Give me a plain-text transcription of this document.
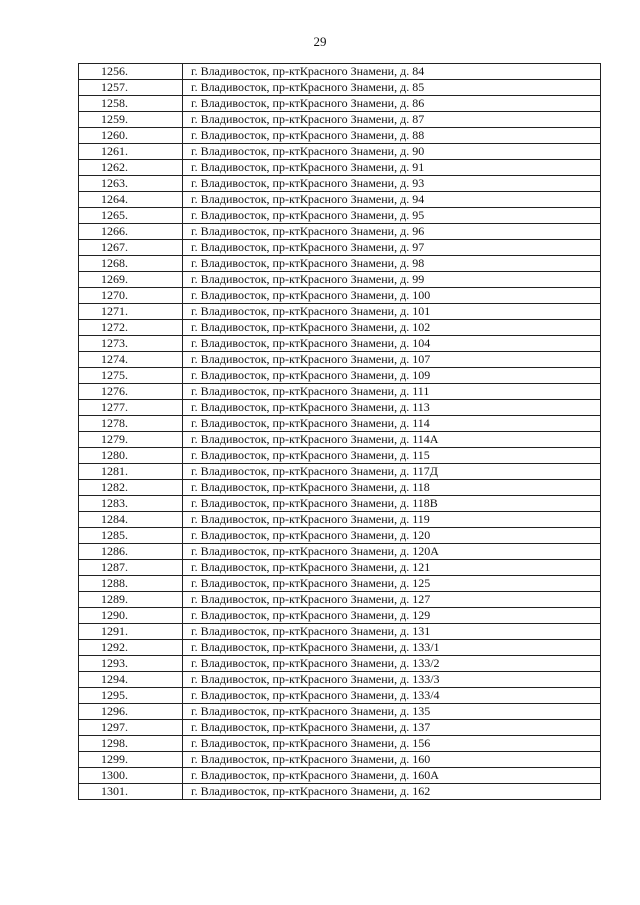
29
1256.	г. Владивосток, пр-ктКрасного Знамени, д. 84
1257.	г. Владивосток, пр-ктКрасного Знамени, д. 85
1258.	г. Владивосток, пр-ктКрасного Знамени, д. 86
1259.	г. Владивосток, пр-ктКрасного Знамени, д. 87
1260.	г. Владивосток, пр-ктКрасного Знамени, д. 88
1261.	г. Владивосток, пр-ктКрасного Знамени, д. 90
1262.	г. Владивосток, пр-ктКрасного Знамени, д. 91
1263.	г. Владивосток, пр-ктКрасного Знамени, д. 93
1264.	г. Владивосток, пр-ктКрасного Знамени, д. 94
1265.	г. Владивосток, пр-ктКрасного Знамени, д. 95
1266.	г. Владивосток, пр-ктКрасного Знамени, д. 96
1267.	г. Владивосток, пр-ктКрасного Знамени, д. 97
1268.	г. Владивосток, пр-ктКрасного Знамени, д. 98
1269.	г. Владивосток, пр-ктКрасного Знамени, д. 99
1270.	г. Владивосток, пр-ктКрасного Знамени, д. 100
1271.	г. Владивосток, пр-ктКрасного Знамени, д. 101
1272.	г. Владивосток, пр-ктКрасного Знамени, д. 102
1273.	г. Владивосток, пр-ктКрасного Знамени, д. 104
1274.	г. Владивосток, пр-ктКрасного Знамени, д. 107
1275.	г. Владивосток, пр-ктКрасного Знамени, д. 109
1276.	г. Владивосток, пр-ктКрасного Знамени, д. 111
1277.	г. Владивосток, пр-ктКрасного Знамени, д. 113
1278.	г. Владивосток, пр-ктКрасного Знамени, д. 114
1279.	г. Владивосток, пр-ктКрасного Знамени, д. 114А
1280.	г. Владивосток, пр-ктКрасного Знамени, д. 115
1281.	г. Владивосток, пр-ктКрасного Знамени, д. 117Д
1282.	г. Владивосток, пр-ктКрасного Знамени, д. 118
1283.	г. Владивосток, пр-ктКрасного Знамени, д. 118В
1284.	г. Владивосток, пр-ктКрасного Знамени, д. 119
1285.	г. Владивосток, пр-ктКрасного Знамени, д. 120
1286.	г. Владивосток, пр-ктКрасного Знамени, д. 120А
1287.	г. Владивосток, пр-ктКрасного Знамени, д. 121
1288.	г. Владивосток, пр-ктКрасного Знамени, д. 125
1289.	г. Владивосток, пр-ктКрасного Знамени, д. 127
1290.	г. Владивосток, пр-ктКрасного Знамени, д. 129
1291.	г. Владивосток, пр-ктКрасного Знамени, д. 131
1292.	г. Владивосток, пр-ктКрасного Знамени, д. 133/1
1293.	г. Владивосток, пр-ктКрасного Знамени, д. 133/2
1294.	г. Владивосток, пр-ктКрасного Знамени, д. 133/3
1295.	г. Владивосток, пр-ктКрасного Знамени, д. 133/4
1296.	г. Владивосток, пр-ктКрасного Знамени, д. 135
1297.	г. Владивосток, пр-ктКрасного Знамени, д. 137
1298.	г. Владивосток, пр-ктКрасного Знамени, д. 156
1299.	г. Владивосток, пр-ктКрасного Знамени, д. 160
1300.	г. Владивосток, пр-ктКрасного Знамени, д. 160А
1301.	г. Владивосток, пр-ктКрасного Знамени, д. 162
